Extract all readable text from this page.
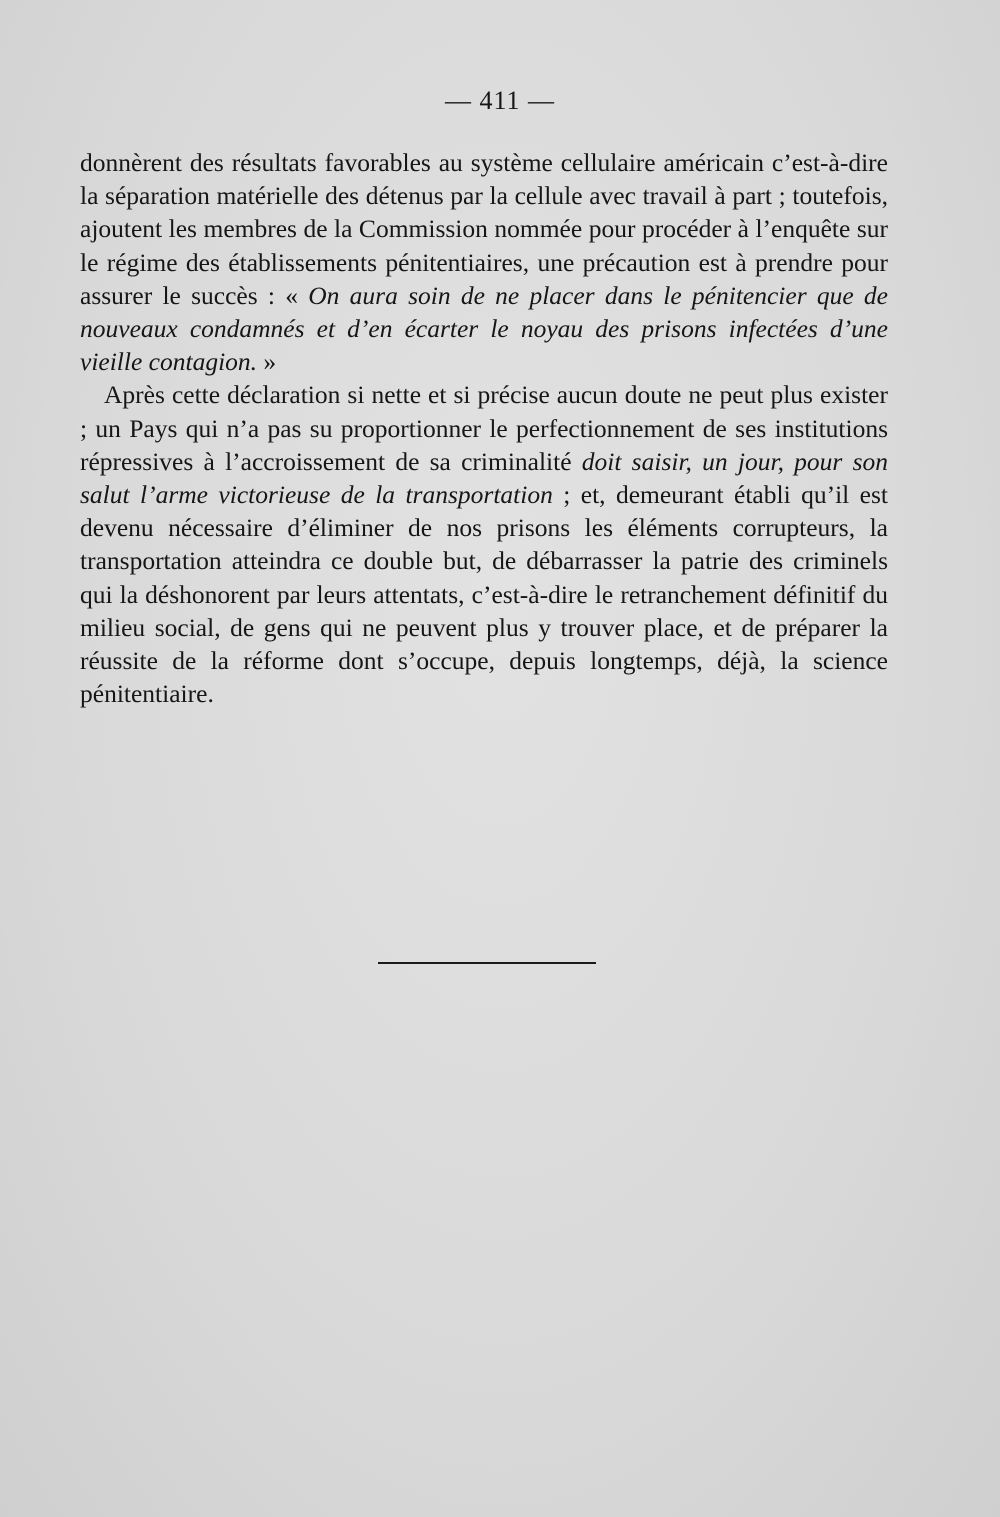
— 411 —

donnèrent des résultats favorables au système cellulaire américain c’est-à-dire la séparation matérielle des détenus par la cellule avec travail à part ; toutefois, ajoutent les membres de la Commission nommée pour procéder à l’enquête sur le régime des établissements pénitentiaires, une précaution est à prendre pour assurer le succès : « On aura soin de ne placer dans le pénitencier que de nouveaux condamnés et d’en écarter le noyau des prisons infectées d’une vieille contagion. »

Après cette déclaration si nette et si précise aucun doute ne peut plus exister ; un Pays qui n’a pas su proportionner le perfectionnement de ses institutions répressives à l’accroissement de sa criminalité doit saisir, un jour, pour son salut l’arme victorieuse de la transportation ; et, demeurant établi qu’il est devenu nécessaire d’éliminer de nos prisons les éléments corrupteurs, la transportation atteindra ce double but, de débarrasser la patrie des criminels qui la déshonorent par leurs attentats, c’est-à-dire le retranchement définitif du milieu social, de gens qui ne peuvent plus y trouver place, et de préparer la réussite de la réforme dont s’occupe, depuis longtemps, déjà, la science pénitentiaire.
